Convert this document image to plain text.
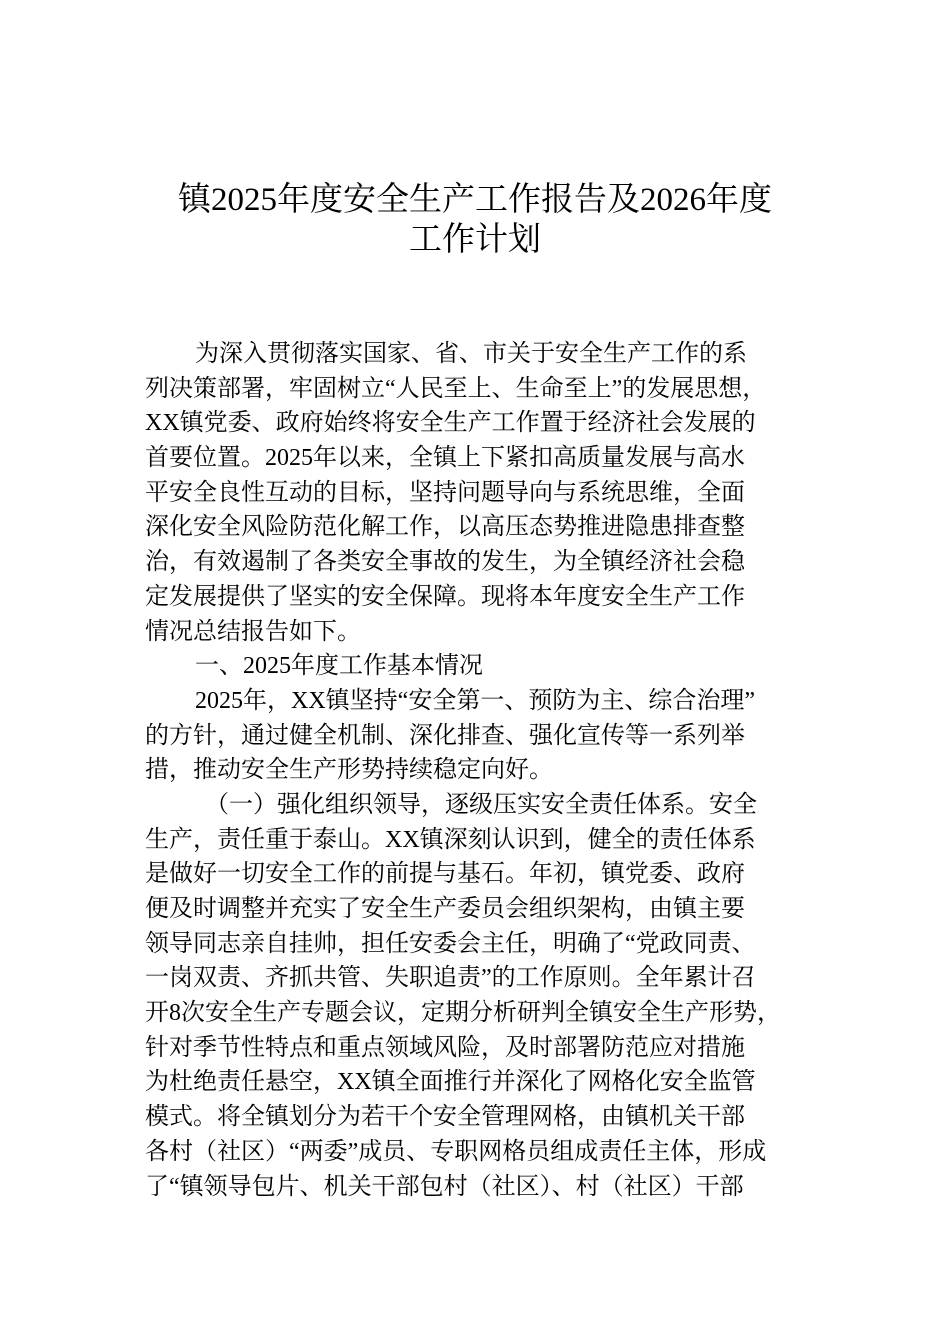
镇2025年度安全生产工作报告及2026年度
工作计划
为深入贯彻落实国家、省、市关于安全生产工作的系
列决策部署，牢固树立“人民至上、生命至上”的发展思想，
XX镇党委、政府始终将安全生产工作置于经济社会发展的
首要位置。2025年以来，全镇上下紧扣高质量发展与高水
平安全良性互动的目标，坚持问题导向与系统思维，全面
深化安全风险防范化解工作，以高压态势推进隐患排查整
治，有效遏制了各类安全事故的发生，为全镇经济社会稳
定发展提供了坚实的安全保障。现将本年度安全生产工作
情况总结报告如下。
一、2025年度工作基本情况
2025年，XX镇坚持“安全第一、预防为主、综合治理”
的方针，通过健全机制、深化排查、强化宣传等一系列举
措，推动安全生产形势持续稳定向好。
（一）强化组织领导，逐级压实安全责任体系。安全
生产，责任重于泰山。XX镇深刻认识到，健全的责任体系
是做好一切安全工作的前提与基石。年初，镇党委、政府
便及时调整并充实了安全生产委员会组织架构，由镇主要
领导同志亲自挂帅，担任安委会主任，明确了“党政同责、
一岗双责、齐抓共管、失职追责”的工作原则。全年累计召
开8次安全生产专题会议，定期分析研判全镇安全生产形势，
针对季节性特点和重点领域风险，及时部署防范应对措施
为杜绝责任悬空，XX镇全面推行并深化了网格化安全监管
模式。将全镇划分为若干个安全管理网格，由镇机关干部
各村（社区）“两委”成员、专职网格员组成责任主体，形成
了“镇领导包片、机关干部包村（社区）、村（社区）干部
